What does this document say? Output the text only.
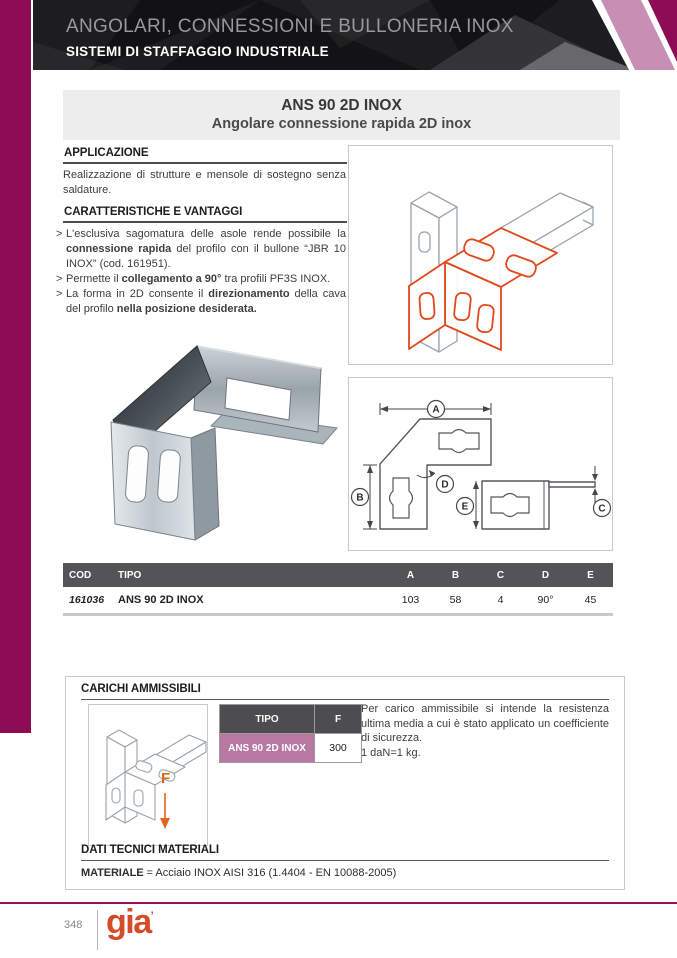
ANGOLARI, CONNESSIONI E BULLONERIA INOX
SISTEMI DI STAFFAGGIO INDUSTRIALE
ANS 90 2D INOX
Angolare connessione rapida 2D inox
APPLICAZIONE
Realizzazione di strutture e mensole di sostegno senza saldature.
CARATTERISTICHE E VANTAGGI
> L'esclusiva sagomatura delle asole rende possibile la connessione rapida del profilo con il bullone “JBR 10 INOX” (cod. 161951).
> Permette il collegamento a 90° tra profili PF3S INOX.
> La forma in 2D consente il direzionamento della cava del profilo nella posizione desiderata.
A
B
C
D
E
COD	TIPO	A	B	C	D	E
161036	ANS 90 2D INOX	103	58	4	90°	45
CARICHI AMMISSIBILI
F
TIPO	F
ANS 90 2D INOX	300
Per carico ammissibile si intende la resistenza ultima media a cui è stato applicato un coefficiente di sicurezza.
1 daN=1 kg.
DATI TECNICI MATERIALI
MATERIALE = Acciaio INOX AISI 316 (1.4404 - EN 10088-2005)
348 gia’
